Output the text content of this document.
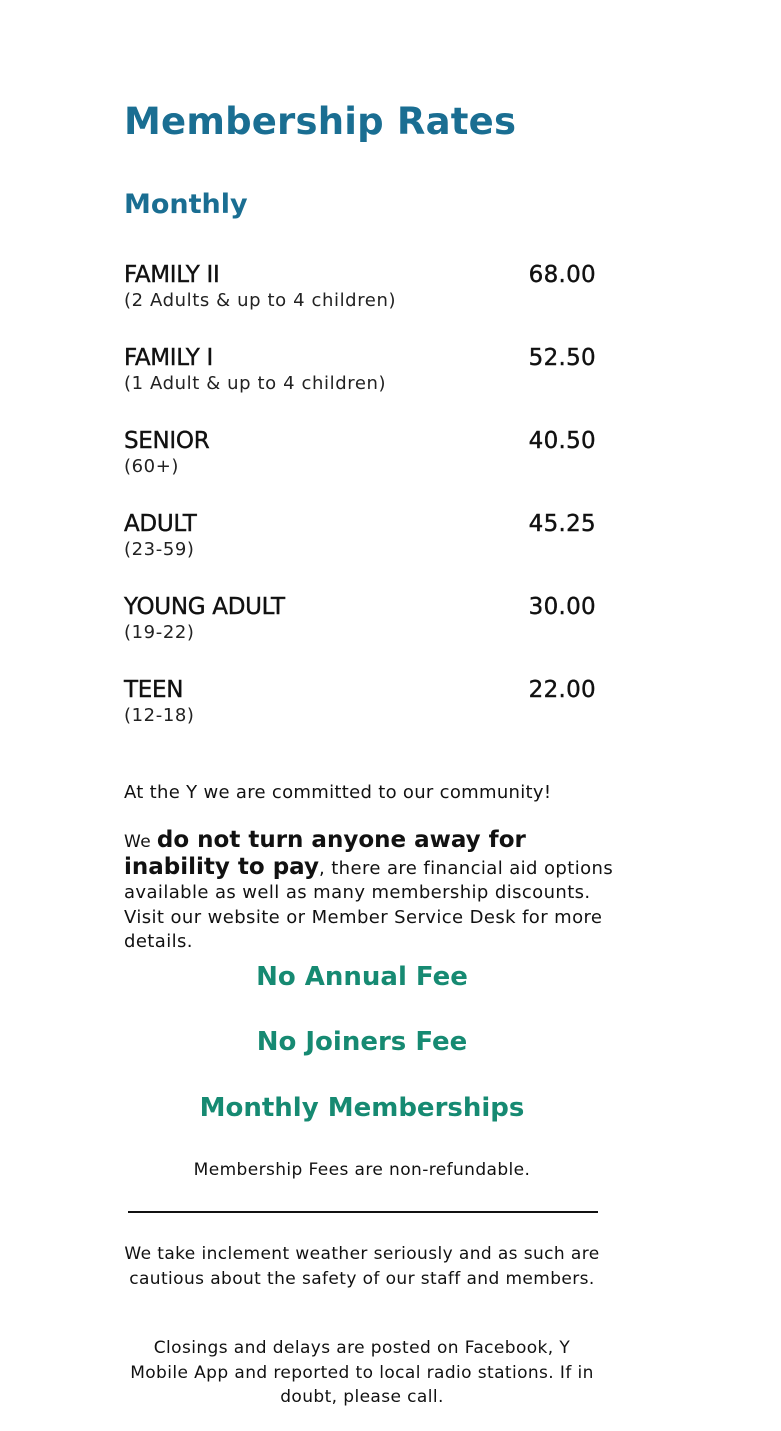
Membership Rates
Monthly
FAMILY II	68.00
(2 Adults & up to 4 children)
FAMILY I	52.50
(1 Adult & up to 4 children)
SENIOR	40.50
(60+)
ADULT	45.25
(23-59)
YOUNG ADULT	30.00
(19-22)
TEEN	22.00
(12-18)

At the Y we are committed to our community!

We do not turn anyone away for inability to pay, there are financial aid options available as well as many membership discounts. Visit our website or Member Service Desk for more details.

No Annual Fee

No Joiners Fee

Monthly Memberships

Membership Fees are non-refundable.

We take inclement weather seriously and as such are cautious about the safety of our staff and members.

Closings and delays are posted on Facebook, Y Mobile App and reported to local radio stations. If in doubt, please call.
